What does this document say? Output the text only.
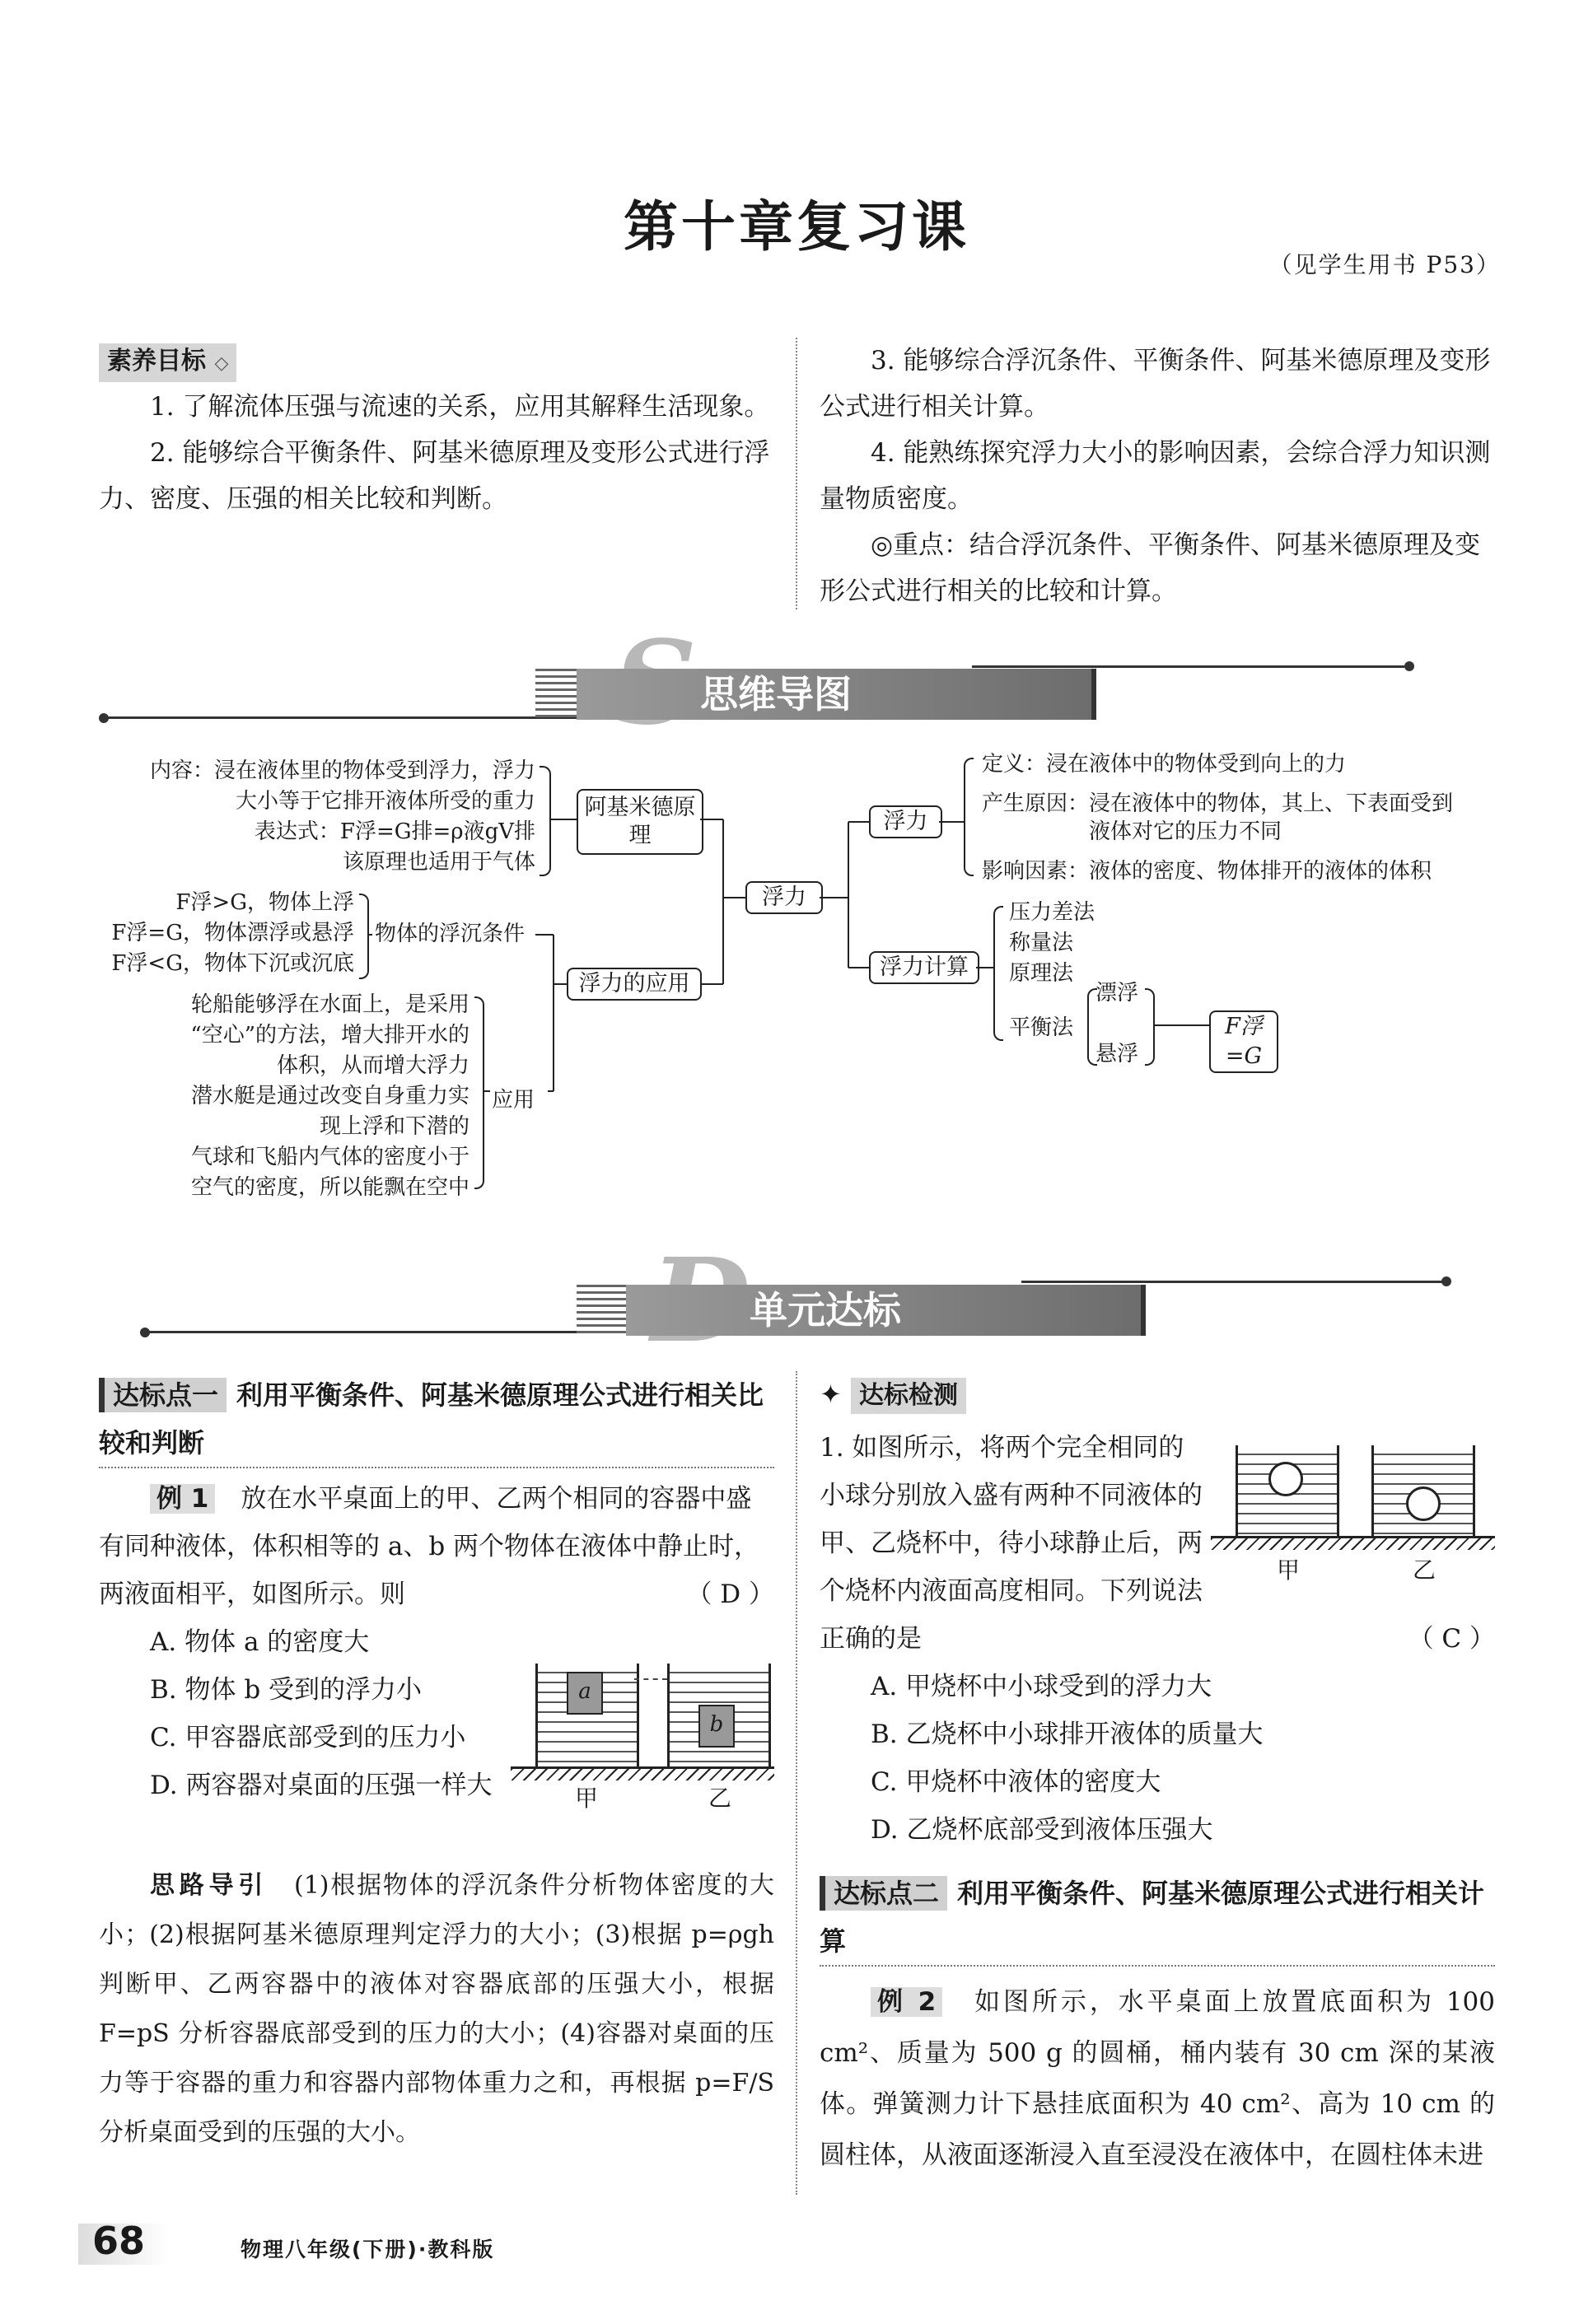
第十章复习课
（见学生用书 P53）

素养目标 ◇

1. 了解流体压强与流速的关系，应用其解释生活现象。

2. 能够综合平衡条件、阿基米德原理及变形公式进行浮力、密度、压强的相关比较和判断。

3. 能够综合浮沉条件、平衡条件、阿基米德原理及变形公式进行相关计算。

4. 能熟练探究浮力大小的影响因素，会综合浮力知识测量物质密度。

◎重点：结合浮沉条件、平衡条件、阿基米德原理及变形公式进行相关的比较和计算。

思维导图
内容：浸在液体里的物体受到浮力，浮力
大小等于它排开液体所受的重力
表达式：F浮=G排=ρ液gV排
该原理也适用于气体
阿基米德原理
F浮>G，物体上浮
F浮=G，物体漂浮或悬浮
F浮<G，物体下沉或沉底
物体的浮沉条件
浮力的应用
轮船能够浮在水面上，是采用
“空心”的方法，增大排开水的
体积，从而增大浮力
潜水艇是通过改变自身重力实
现上浮和下潜的
气球和飞船内气体的密度小于
空气的密度，所以能飘在空中
应用
浮力
浮力
定义：浸在液体中的物体受到向上的力
产生原因：浸在液体中的物体，其上、下表面受到
液体对它的压力不同
影响因素：液体的密度、物体排开的液体的体积
浮力计算
压力差法
称量法
原理法
平衡法
漂浮
悬浮
F浮=G
单元达标
达标点一 利用平衡条件、阿基米德原理公式进行相关比较和判断

例 1　 放在水平桌面上的甲、乙两个相同的容器中盛有同种液体，体积相等的 a、b 两个物体在液体中静止时，两液面相平，如图所示。则	（ D ）
A. 物体 a 的密度大
B. 物体 b 受到的浮力小
C. 甲容器底部受到的压力小
D. 两容器对桌面的压强一样大
a
b
甲	乙

思路导引　 (1)根据物体的浮沉条件分析物体密度的大小；(2)根据阿基米德原理判定浮力的大小；(3)根据 p=ρgh 判断甲、乙两容器中的液体对容器底部的压强大小，根据 F=pS 分析容器底部受到的压力的大小；(4)容器对桌面的压力等于容器的重力和容器内部物体重力之和，再根据 p=F/S 分析桌面受到的压强的大小。

✦ 达标检测
1. 如图所示，将两个完全相同的小球分别放入盛有两种不同液体的甲、乙烧杯中，待小球静止后，两个烧杯内液面高度相同。下列说法正确的是	（ C ）
A. 甲烧杯中小球受到的浮力大
B. 乙烧杯中小球排开液体的质量大
C. 甲烧杯中液体的密度大
D. 乙烧杯底部受到液体压强大
甲	乙
达标点二 利用平衡条件、阿基米德原理公式进行相关计算

例 2　 如图所示，水平桌面上放置底面积为 100 cm²、质量为 500 g 的圆桶，桶内装有 30 cm 深的某液体。弹簧测力计下悬挂底面积为 40 cm²、高为 10 cm 的圆柱体，从液面逐渐浸入直至浸没在液体中，在圆柱体未进

68	物理八年级(下册)·教科版
